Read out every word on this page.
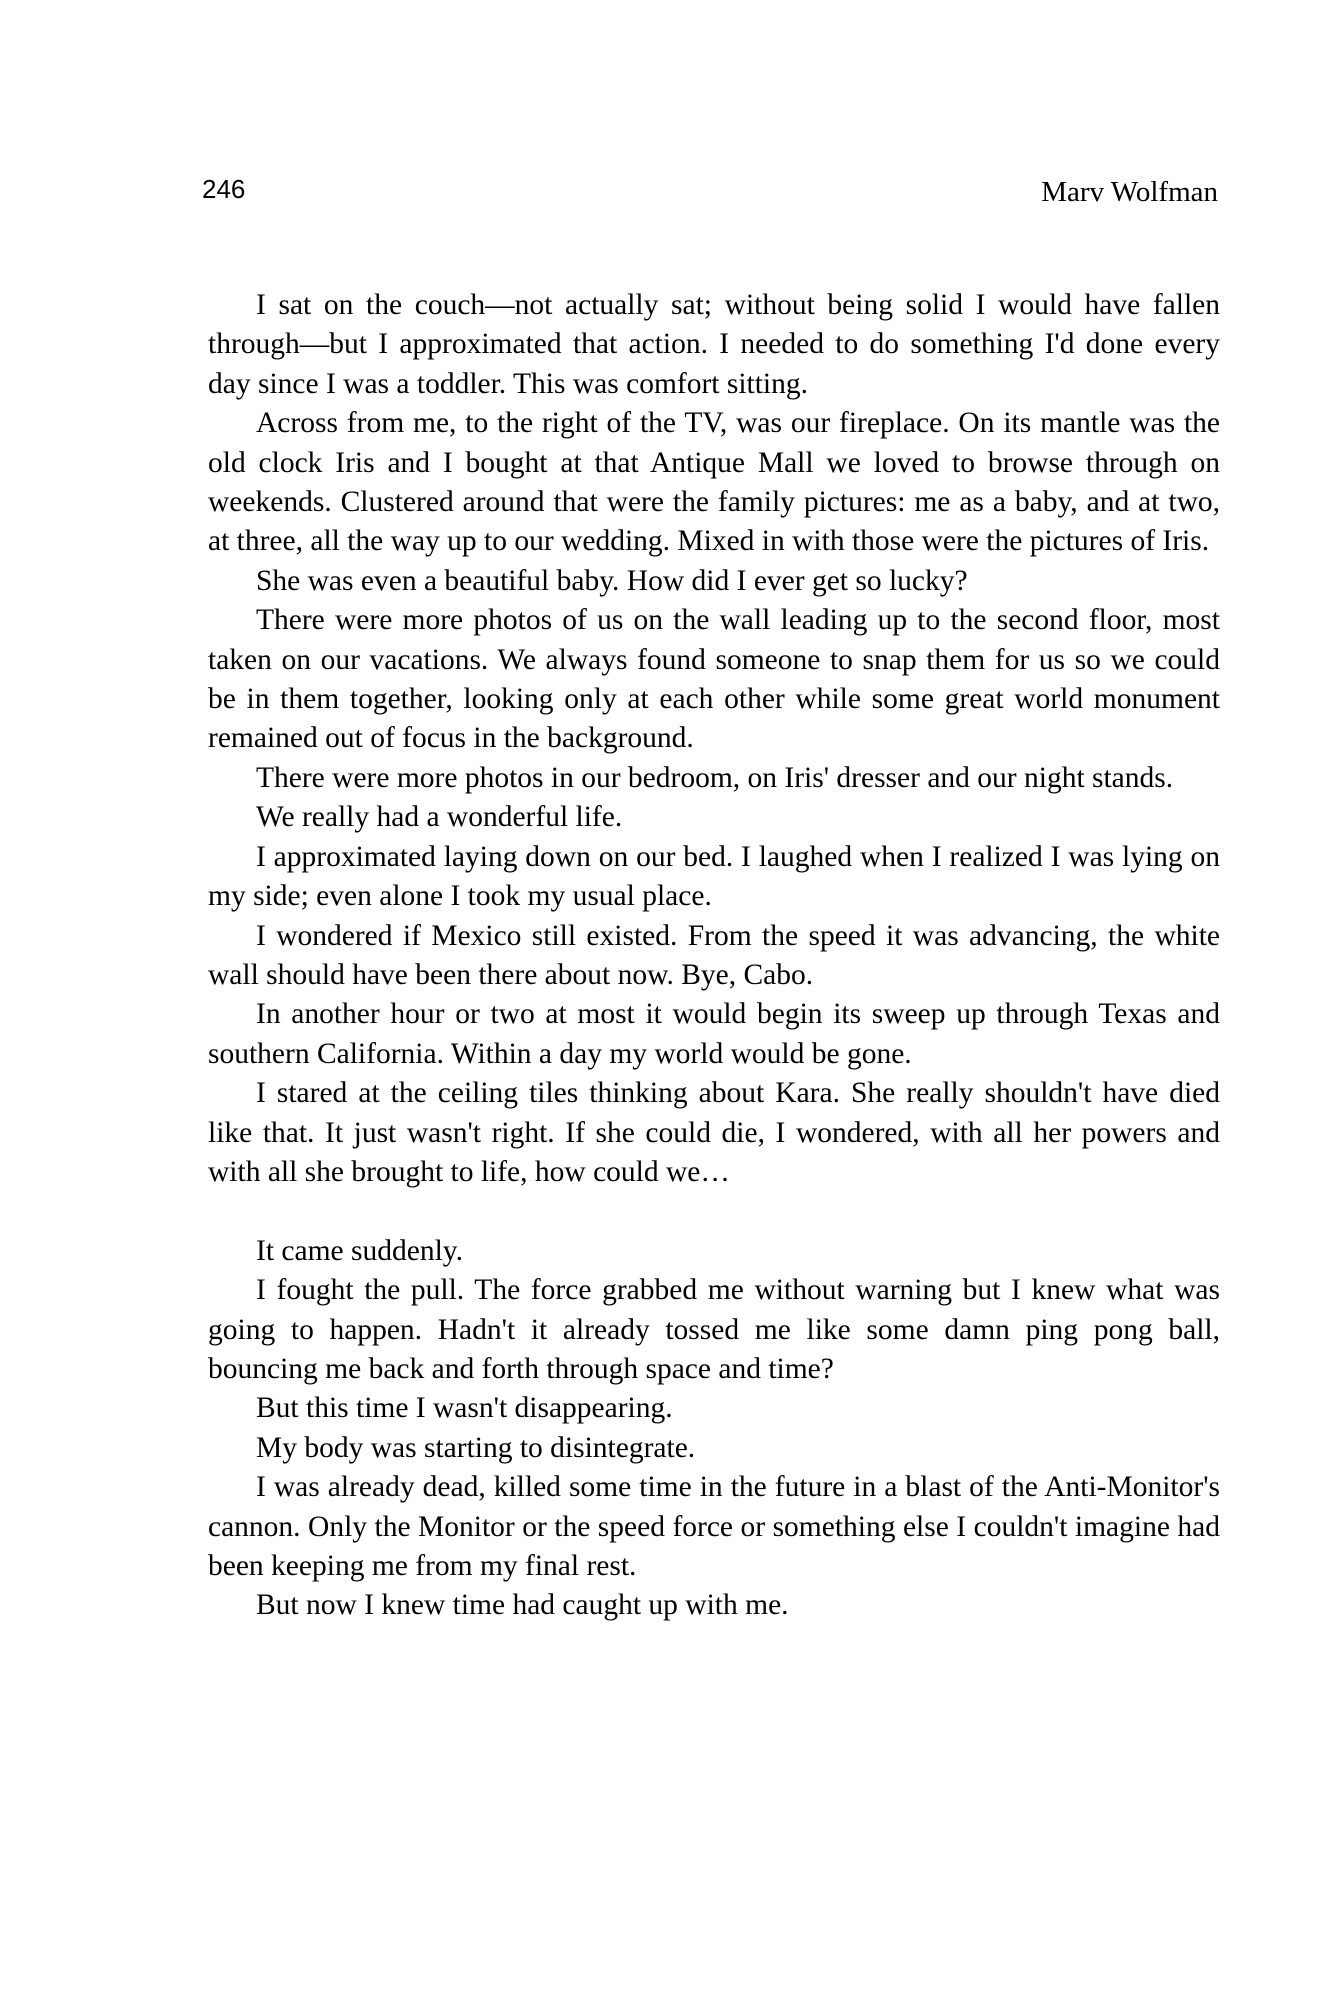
246	Marv Wolfman

I sat on the couch—not actually sat; without being solid I would have fallen through—but I approximated that action. I needed to do something I'd done every day since I was a toddler. This was comfort sitting.

Across from me, to the right of the TV, was our fireplace. On its mantle was the old clock Iris and I bought at that Antique Mall we loved to browse through on weekends. Clustered around that were the family pictures: me as a baby, and at two, at three, all the way up to our wedding. Mixed in with those were the pictures of Iris.

She was even a beautiful baby. How did I ever get so lucky?

There were more photos of us on the wall leading up to the second floor, most taken on our vacations. We always found someone to snap them for us so we could be in them together, looking only at each other while some great world monument remained out of focus in the background.

There were more photos in our bedroom, on Iris' dresser and our night stands.

We really had a wonderful life.

I approximated laying down on our bed. I laughed when I realized I was lying on my side; even alone I took my usual place.

I wondered if Mexico still existed. From the speed it was advancing, the white wall should have been there about now. Bye, Cabo.

In another hour or two at most it would begin its sweep up through Texas and southern California. Within a day my world would be gone.

I stared at the ceiling tiles thinking about Kara. She really shouldn't have died like that. It just wasn't right. If she could die, I wondered, with all her powers and with all she brought to life, how could we…

It came suddenly.

I fought the pull. The force grabbed me without warning but I knew what was going to happen. Hadn't it already tossed me like some damn ping pong ball, bouncing me back and forth through space and time?

But this time I wasn't disappearing.

My body was starting to disintegrate.

I was already dead, killed some time in the future in a blast of the Anti-Monitor's cannon. Only the Monitor or the speed force or something else I couldn't imagine had been keeping me from my final rest.

But now I knew time had caught up with me.
